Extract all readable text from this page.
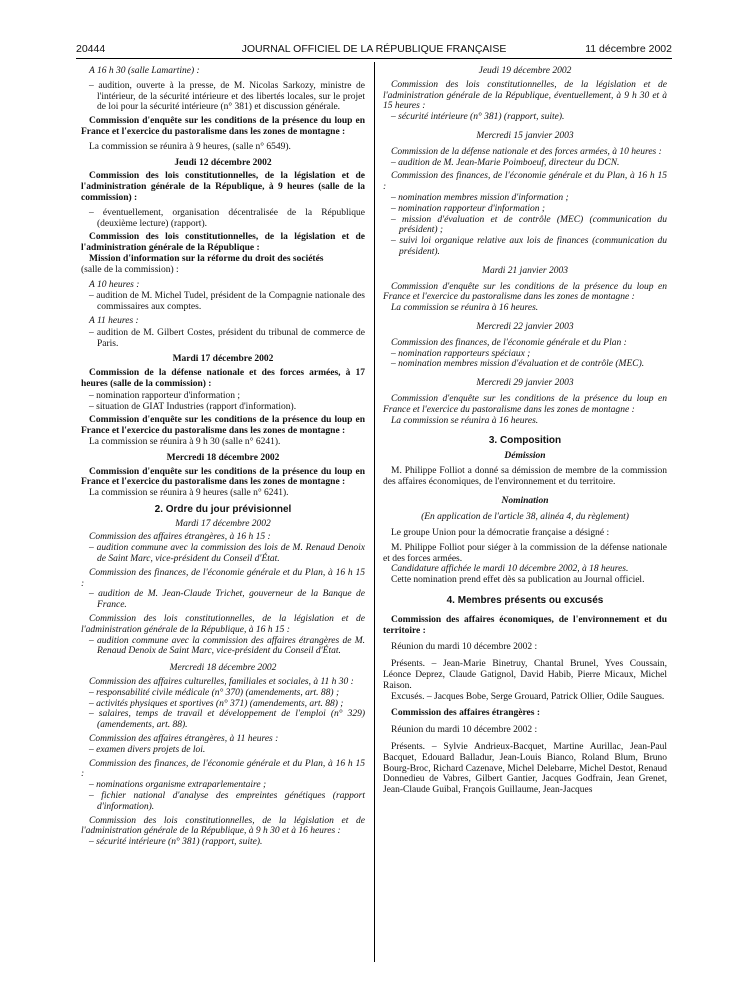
20444	JOURNAL OFFICIEL DE LA RÉPUBLIQUE FRANÇAISE	11 décembre 2002

A 16 h 30 (salle Lamartine) :

– audition, ouverte à la presse, de M. Nicolas Sarkozy, ministre de l'intérieur, de la sécurité intérieure et des libertés locales, sur le projet de loi pour la sécurité intérieure (n° 381) et discussion générale.

Commission d'enquête sur les conditions de la présence du loup en France et l'exercice du pastoralisme dans les zones de montagne :

La commission se réunira à 9 heures, (salle n° 6549).

Jeudi 12 décembre 2002

Commission des lois constitutionnelles, de la législation et de l'administration générale de la République, à 9 heures (salle de la commission) :

– éventuellement, organisation décentralisée de la République (deuxième lecture) (rapport).

Commission des lois constitutionnelles, de la législation et de l'administration générale de la République :

Mission d'information sur la réforme du droit des sociétés

(salle de la commission) :

A 10 heures :

– audition de M. Michel Tudel, président de la Compagnie nationale des commissaires aux comptes.

A 11 heures :

– audition de M. Gilbert Costes, président du tribunal de commerce de Paris.

Mardi 17 décembre 2002

Commission de la défense nationale et des forces armées, à 17 heures (salle de la commission) :

– nomination rapporteur d'information ;

– situation de GIAT Industries (rapport d'information).

Commission d'enquête sur les conditions de la présence du loup en France et l'exercice du pastoralisme dans les zones de montagne :

La commission se réunira à 9 h 30 (salle n° 6241).

Mercredi 18 décembre 2002

Commission d'enquête sur les conditions de la présence du loup en France et l'exercice du pastoralisme dans les zones de montagne :

La commission se réunira à 9 heures (salle n° 6241).

2. Ordre du jour prévisionnel

Mardi 17 décembre 2002

Commission des affaires étrangères, à 16 h 15 :

– audition commune avec la commission des lois de M. Renaud Denoix de Saint Marc, vice-président du Conseil d'État.

Commission des finances, de l'économie générale et du Plan, à 16 h 15 :

– audition de M. Jean-Claude Trichet, gouverneur de la Banque de France.

Commission des lois constitutionnelles, de la législation et de l'administration générale de la République, à 16 h 15 :

– audition commune avec la commission des affaires étrangères de M. Renaud Denoix de Saint Marc, vice-président du Conseil d'État.

Mercredi 18 décembre 2002

Commission des affaires culturelles, familiales et sociales, à 11 h 30 :

– responsabilité civile médicale (n° 370) (amendements, art. 88) ;

– activités physiques et sportives (n° 371) (amendements, art. 88) ;

– salaires, temps de travail et développement de l'emploi (n° 329) (amendements, art. 88).

Commission des affaires étrangères, à 11 heures :

– examen divers projets de loi.

Commission des finances, de l'économie générale et du Plan, à 16 h 15 :

– nominations organisme extraparlementaire ;

– fichier national d'analyse des empreintes génétiques (rapport d'information).

Commission des lois constitutionnelles, de la législation et de l'administration générale de la République, à 9 h 30 et à 16 heures :

– sécurité intérieure (n° 381) (rapport, suite).

Jeudi 19 décembre 2002

Commission des lois constitutionnelles, de la législation et de l'administration générale de la République, éventuellement, à 9 h 30 et à 15 heures :

– sécurité intérieure (n° 381) (rapport, suite).

Mercredi 15 janvier 2003

Commission de la défense nationale et des forces armées, à 10 heures :

– audition de M. Jean-Marie Poimboeuf, directeur du DCN.

Commission des finances, de l'économie générale et du Plan, à 16 h 15 :

– nomination membres mission d'information ;

– nomination rapporteur d'information ;

– mission d'évaluation et de contrôle (MEC) (communication du président) ;

– suivi loi organique relative aux lois de finances (communication du président).

Mardi 21 janvier 2003

Commission d'enquête sur les conditions de la présence du loup en France et l'exercice du pastoralisme dans les zones de montagne :

La commission se réunira à 16 heures.

Mercredi 22 janvier 2003

Commission des finances, de l'économie générale et du Plan :

– nomination rapporteurs spéciaux ;

– nomination membres mission d'évaluation et de contrôle (MEC).

Mercredi 29 janvier 2003

Commission d'enquête sur les conditions de la présence du loup en France et l'exercice du pastoralisme dans les zones de montagne :

La commission se réunira à 16 heures.

3. Composition

Démission

M. Philippe Folliot a donné sa démission de membre de la commission des affaires économiques, de l'environnement et du territoire.

Nomination

(En application de l'article 38, alinéa 4, du règlement)

Le groupe Union pour la démocratie française a désigné :

M. Philippe Folliot pour siéger à la commission de la défense nationale et des forces armées.

Candidature affichée le mardi 10 décembre 2002, à 18 heures.

Cette nomination prend effet dès sa publication au Journal officiel.

4. Membres présents ou excusés

Commission des affaires économiques, de l'environnement et du territoire :

Réunion du mardi 10 décembre 2002 :

Présents. – Jean-Marie Binetruy, Chantal Brunel, Yves Coussain, Léonce Deprez, Claude Gatignol, David Habib, Pierre Micaux, Michel Raison.

Excusés. – Jacques Bobe, Serge Grouard, Patrick Ollier, Odile Saugues.

Commission des affaires étrangères :

Réunion du mardi 10 décembre 2002 :

Présents. – Sylvie Andrieux-Bacquet, Martine Aurillac, Jean-Paul Bacquet, Edouard Balladur, Jean-Louis Bianco, Roland Blum, Bruno Bourg-Broc, Richard Cazenave, Michel Delebarre, Michel Destot, Renaud Donnedieu de Vabres, Gilbert Gantier, Jacques Godfrain, Jean Grenet, Jean-Claude Guibal, François Guillaume, Jean-Jacques
